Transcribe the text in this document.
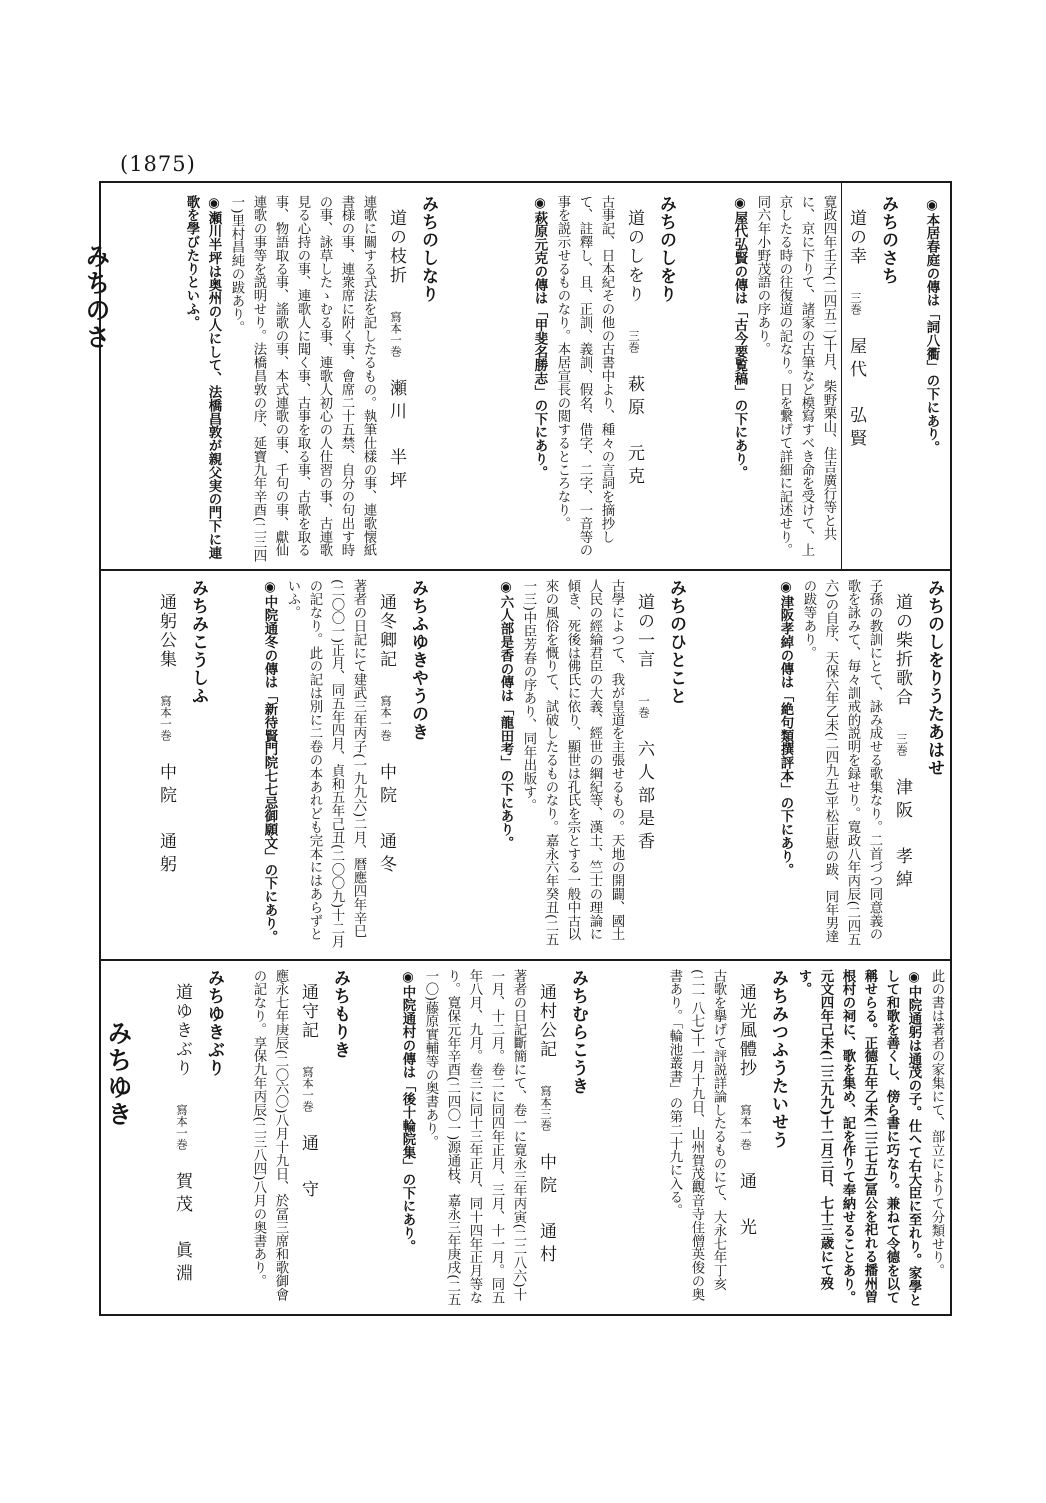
(1875)
みちのさ
みちゆき

◉本居春庭の傳は「詞八衢」の下にあり。

みちのさち

道の幸三巻屋代　弘賢

寛政四年壬子(二四五二)十月、柴野栗山、住吉廣行等と共に、京に下りて、諸家の古筆など模寫すべき命を受けて、上京したる時の往復道の記なり。日を繋げて詳細に記述せり。同六年小野茂語の序あり。

◉屋代弘賢の傳は「古今要覧稿」の下にあり。

みちのしをり

道のしをり三巻萩原　元克

古事記、日本紀その他の古書中より、種々の言詞を摘抄して、註釋し、且、正訓、義訓、假名、借字、二字、一音等の事を説示せるものなり。本居宣長の閲するところなり。

◉萩原元克の傳は「甲斐名勝志」の下にあり。

みちのしなり

道の枝折寫本一巻瀬川　半坪

連歌に關する式法を記したるもの。執筆仕樣の事、連歌懐紙書様の事、連衆席に附く事、會席二十五禁、自分の句出す時の事、詠草したゝむる事、連歌人初心の人仕習の事、古連歌見る心持の事、連歌人に聞く事、古事を取る事、古歌を取る事、物語取る事、謠歌の事、本式連歌の事、千句の事、獻仙連歌の事等を説明せり。法橋昌敦の序、延寶九年辛酉(二三四一)里村昌純の跋あり。

◉瀬川半坪は奥州の人にして、法橋昌敦が親父実の門下に連歌を學びたりといふ。

みちのしをりうたあはせ

道の柴折歌合三巻津阪　孝綽

子孫の教訓にとて、詠み成せる歌集なり。二首づつ同意義の歌を詠みて、毎々訓戒的説明を録せり。寛政八年丙辰(二四五六)の自序、天保六年乙未(二四九五)平松正慰の跋、同年男達の跋等あり。

◉津阪孝綽の傳は「絶句類撰評本」の下にあり。

みちのひとこと

道の一言一巻六人部是香

古學によつて、我が皇道を主張せるもの。天地の開闢、國土人民の經綸君臣の大義、經世の綱紀等、漢土、竺士の理論に傾き、死後は佛氏に依り、顯世は孔氏を宗とする一般中古以來の風俗を慨りて、試破したるものなり。嘉永六年癸丑(二五一三)中臣芳春の序あり、同年出版す。

◉六人部是香の傳は「龍田考」の下にあり。

みちふゆきやうのき

通冬卿記寫本一巻中院　通冬

著者の日記にて建武三年丙子(一九九六)二月、暦應四年辛巳(二〇〇一)正月、同五年四月、貞和五年己丑(二〇〇九)十二月の記なり。此の記は別に二卷の本あれども完本にはあらずといふ。

◉中院通冬の傳は「新待賢門院七七忌御願文」の下にあり。

みちみこうしふ

通躬公集寫本一巻中院　通躬

此の書は著者の家集にて、部立によりて分類せり。

◉中院通躬は通茂の子。仕へて右大臣に至れり。家學として和歌を善くし、傍ら書に巧なり。兼ねて令德を以て稱せらる。正德五年乙未(二三七五)冨公を祀れる播州曽根村の祠に、歌を集め、記を作りて奉納せることあり。元文四年己未(二三九九)十二月三日、七十三歳にて歿す。

みちみつふうたいせう

通光風體抄寫本一巻通　光

古歌を擧げて評説詳論したるものにて、大永七年丁亥(二一八七)十一月十九日、山州賀茂觀音寺住僧英俊の奥書あり。「輪池叢書」の第二十九に入る。

みちむらこうき

通村公記寫本三巻中院　通村

著者の日記斷簡にて、卷一に寛永三年丙寅(二二八六)十一月、十二月。卷二に同四年正月、三月、十一月。同五年八月、九月。卷三に同十三年正月、同十四年正月等なり。寛保元年辛酉(二四〇一)源通枝、嘉永三年庚戌(二五一〇)藤原實輔等の奥書あり。

◉中院通村の傳は「後十輪院集」の下にあり。

みちもりき

通守記寫本一巻通　守

應永七年庚辰(二〇六〇)八月十九日、於冨三席和歌御會の記なり。享保九年丙辰(二三八四)八月の奥書あり。

みちゆきぶり

道ゆきぶり寫本一巻賀茂　眞淵
